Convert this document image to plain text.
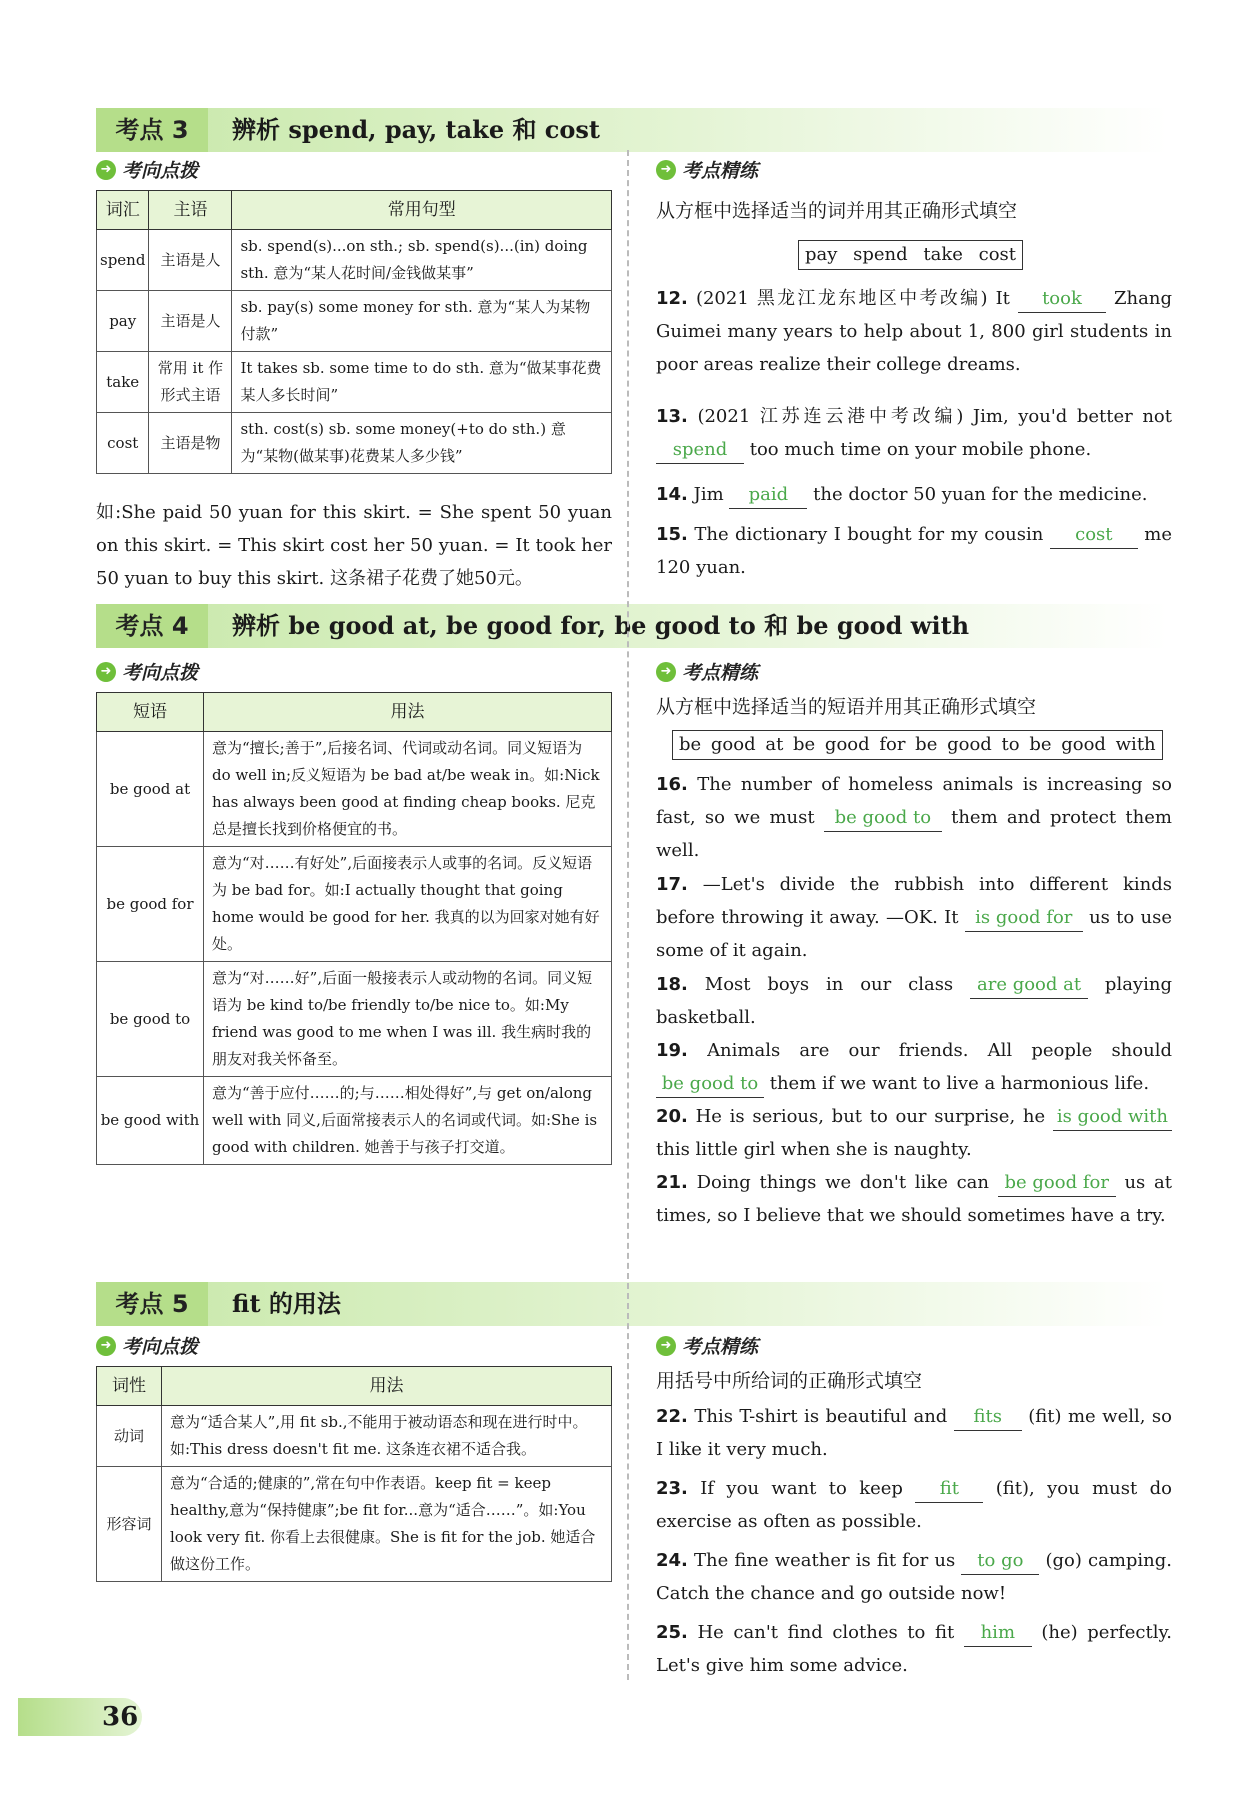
考点 3	辨析 spend, pay, take 和 cost
➜ 考向点拨	➜ 考点精练
词汇	主语	常用句型
spend	主语是人	sb. spend(s)...on sth.; sb. spend(s)...(in) doing sth. 意为“某人花时间/金钱做某事”
pay	主语是人	sb. pay(s) some money for sth. 意为“某人为某物付款”
take	常用 it 作形式主语	It takes sb. some time to do sth. 意为“做某事花费某人多长时间”
cost	主语是物	sth. cost(s) sb. some money(+to do sth.) 意为“某物(做某事)花费某人多少钱”
如:She paid 50 yuan for this skirt. = She spent 50 yuan on this skirt. = This skirt cost her 50 yuan. = It took her 50 yuan to buy this skirt. 这条裙子花费了她50元。
从方框中选择适当的词并用其正确形式填空
pay spend take cost
12. (2021 黑龙江龙东地区中考改编) It took Zhang Guimei many years to help about 1, 800 girl students in poor areas realize their college dreams.
13. (2021 江苏连云港中考改编) Jim, you'd better not spend too much time on your mobile phone.
14. Jim paid the doctor 50 yuan for the medicine.
15. The dictionary I bought for my cousin cost me 120 yuan.
考点 4	辨析 be good at, be good for, be good to 和 be good with
➜ 考向点拨	➜ 考点精练
短语	用法
be good at	意为“擅长;善于”,后接名词、代词或动名词。同义短语为 do well in;反义短语为 be bad at/be weak in。如:Nick has always been good at finding cheap books. 尼克总是擅长找到价格便宜的书。
be good for	意为“对……有好处”,后面接表示人或事的名词。反义短语为 be bad for。如:I actually thought that going home would be good for her. 我真的以为回家对她有好处。
be good to	意为“对……好”,后面一般接表示人或动物的名词。同义短语为 be kind to/be friendly to/be nice to。如:My friend was good to me when I was ill. 我生病时我的朋友对我关怀备至。
be good with	意为“善于应付……的;与……相处得好”,与 get on/along well with 同义,后面常接表示人的名词或代词。如:She is good with children. 她善于与孩子打交道。
从方框中选择适当的短语并用其正确形式填空
be good at be good for be good to be good with
16. The number of homeless animals is increasing so fast, so we must be good to them and protect them well.
17. —Let's divide the rubbish into different kinds before throwing it away. —OK. It is good for us to use some of it again.
18. Most boys in our class are good at playing basketball.
19. Animals are our friends. All people should be good to them if we want to live a harmonious life.
20. He is serious, but to our surprise, he is good with this little girl when she is naughty.
21. Doing things we don't like can be good for us at times, so I believe that we should sometimes have a try.
考点 5	fit 的用法
➜ 考向点拨	➜ 考点精练
词性	用法
动词	意为“适合某人”,用 fit sb.,不能用于被动语态和现在进行时中。如:This dress doesn't fit me. 这条连衣裙不适合我。
形容词	意为“合适的;健康的”,常在句中作表语。keep fit = keep healthy,意为“保持健康”;be fit for...意为“适合……”。如:You look very fit. 你看上去很健康。She is fit for the job. 她适合做这份工作。
用括号中所给词的正确形式填空
22. This T-shirt is beautiful and fits (fit) me well, so I like it very much.
23. If you want to keep fit (fit), you must do exercise as often as possible.
24. The fine weather is fit for us to go (go) camping. Catch the chance and go outside now!
25. He can't find clothes to fit him (he) perfectly. Let's give him some advice.
36
